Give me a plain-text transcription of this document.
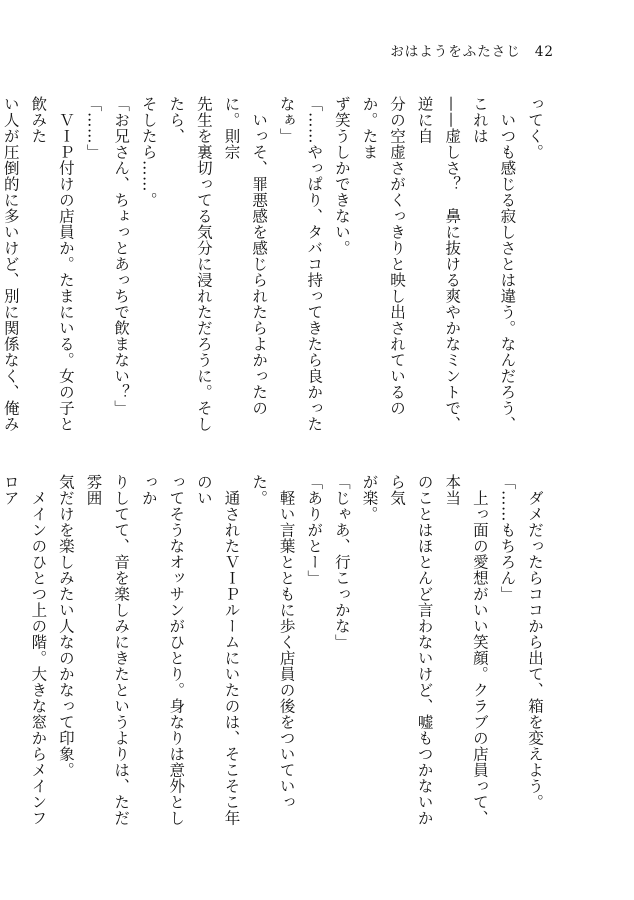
おはようをふたさじ 42

ってく。

　いつも感じる寂しさとは違う。なんだろう、これは

——虚しさ？　鼻に抜ける爽やかなミントで、逆に自

分の空虚さがくっきりと映し出されているのか。たま

ず笑うしかできない。

「……やっぱり、タバコ持ってきたら良かったなぁ」

　いっそ、罪悪感を感じられたらよかったのに。則宗

先生を裏切ってる気分に浸れただろうに。そしたら、

そしたら……。

「お兄さん、ちょっとあっちで飲まない？」

「……」

　ＶＩＰ付けの店員か。たまにいる。女の子と飲みた

い人が圧倒的に多いけど、別に関係なく、俺み

　ダメだったらココから出て、箱を変えよう。

「……もちろん」

　上っ面の愛想がいい笑顔。クラブの店員って、本当

のことはほとんど言わないけど、嘘もつかないから気

が楽。

「じゃあ、行こっかな」

「ありがとー」

　軽い言葉とともに歩く店員の後をついていった。

　通されたＶＩＰルームにいたのは、そこそこ年のい

ってそうなオッサンがひとり。身なりは意外としっか

りしてて、音を楽しみにきたというよりは、ただ雰囲

気だけを楽しみたい人なのかなって印象。

　メインのひとつ上の階。大きな窓からメインフロア
